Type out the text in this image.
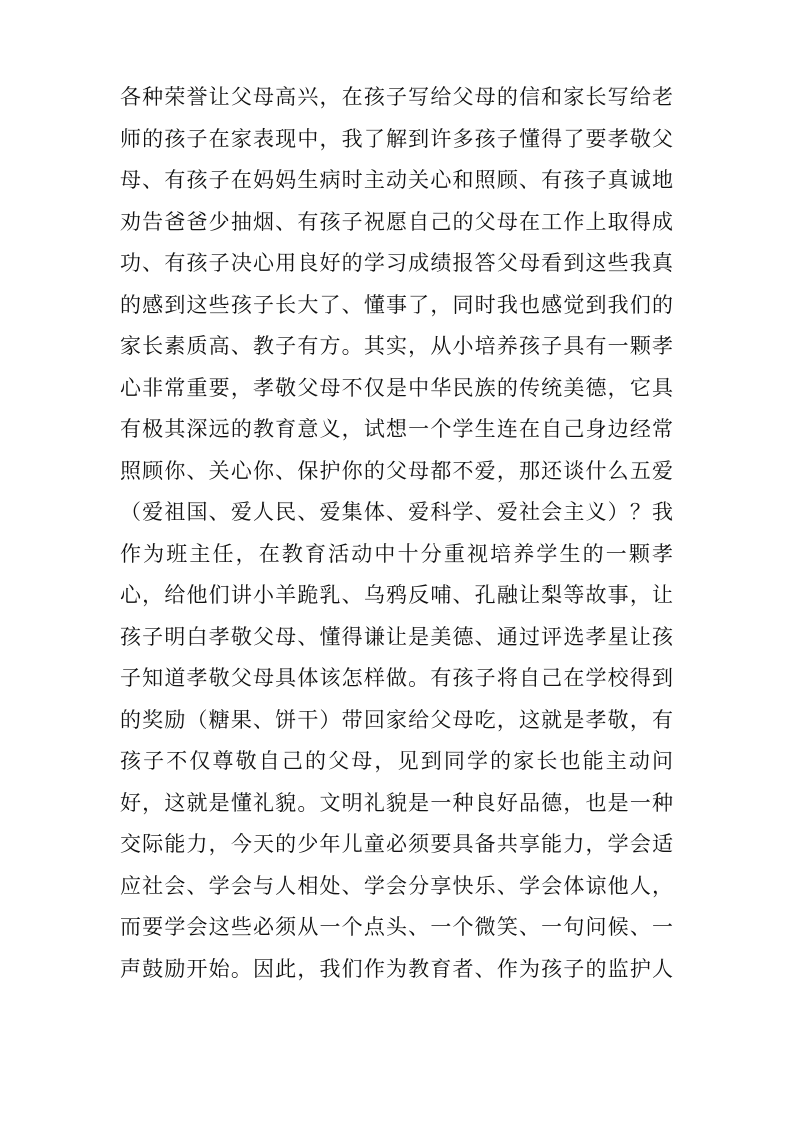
各种荣誉让父母高兴，在孩子写给父母的信和家长写给老
师的孩子在家表现中，我了解到许多孩子懂得了要孝敬父
母、有孩子在妈妈生病时主动关心和照顾、有孩子真诚地
劝告爸爸少抽烟、有孩子祝愿自己的父母在工作上取得成
功、有孩子决心用良好的学习成绩报答父母看到这些我真
的感到这些孩子长大了、懂事了，同时我也感觉到我们的
家长素质高、教子有方。其实，从小培养孩子具有一颗孝
心非常重要，孝敬父母不仅是中华民族的传统美德，它具
有极其深远的教育意义，试想一个学生连在自己身边经常
照顾你、关心你、保护你的父母都不爱，那还谈什么五爱
（爱祖国、爱人民、爱集体、爱科学、爱社会主义）？我
作为班主任，在教育活动中十分重视培养学生的一颗孝
心，给他们讲小羊跪乳、乌鸦反哺、孔融让梨等故事，让
孩子明白孝敬父母、懂得谦让是美德、通过评选孝星让孩
子知道孝敬父母具体该怎样做。有孩子将自己在学校得到
的奖励（糖果、饼干）带回家给父母吃，这就是孝敬，有
孩子不仅尊敬自己的父母，见到同学的家长也能主动问
好，这就是懂礼貌。文明礼貌是一种良好品德，也是一种
交际能力，今天的少年儿童必须要具备共享能力，学会适
应社会、学会与人相处、学会分享快乐、学会体谅他人，
而要学会这些必须从一个点头、一个微笑、一句问候、一
声鼓励开始。因此，我们作为教育者、作为孩子的监护人
